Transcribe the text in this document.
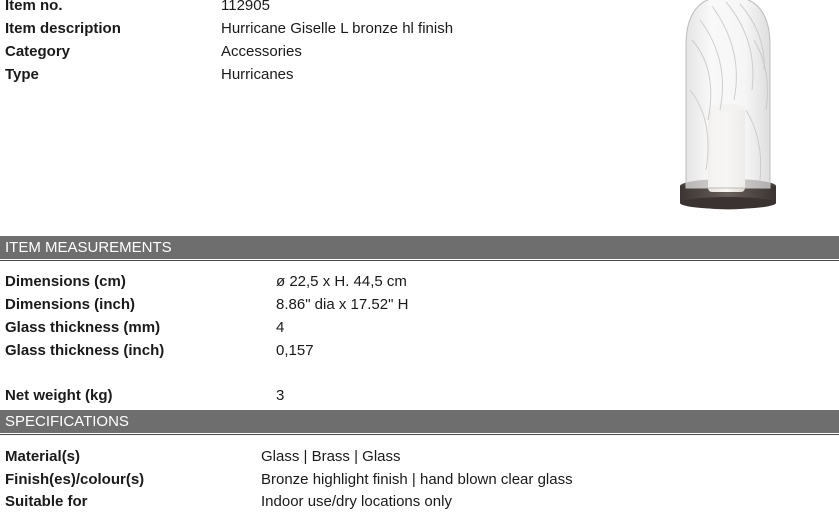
Item no.	112905
Item description	Hurricane Giselle L bronze hl finish
Category	Accessories
Type	Hurricanes
ITEM MEASUREMENTS
Dimensions (cm)	ø 22,5 x H. 44,5 cm
Dimensions (inch)	8.86" dia x 17.52" H
Glass thickness (mm)	4
Glass thickness (inch)	0,157
Net weight (kg)	3
SPECIFICATIONS
Material(s)	Glass | Brass | Glass
Finish(es)/colour(s)	Bronze highlight finish | hand blown clear glass
Suitable for	Indoor use/dry locations only
